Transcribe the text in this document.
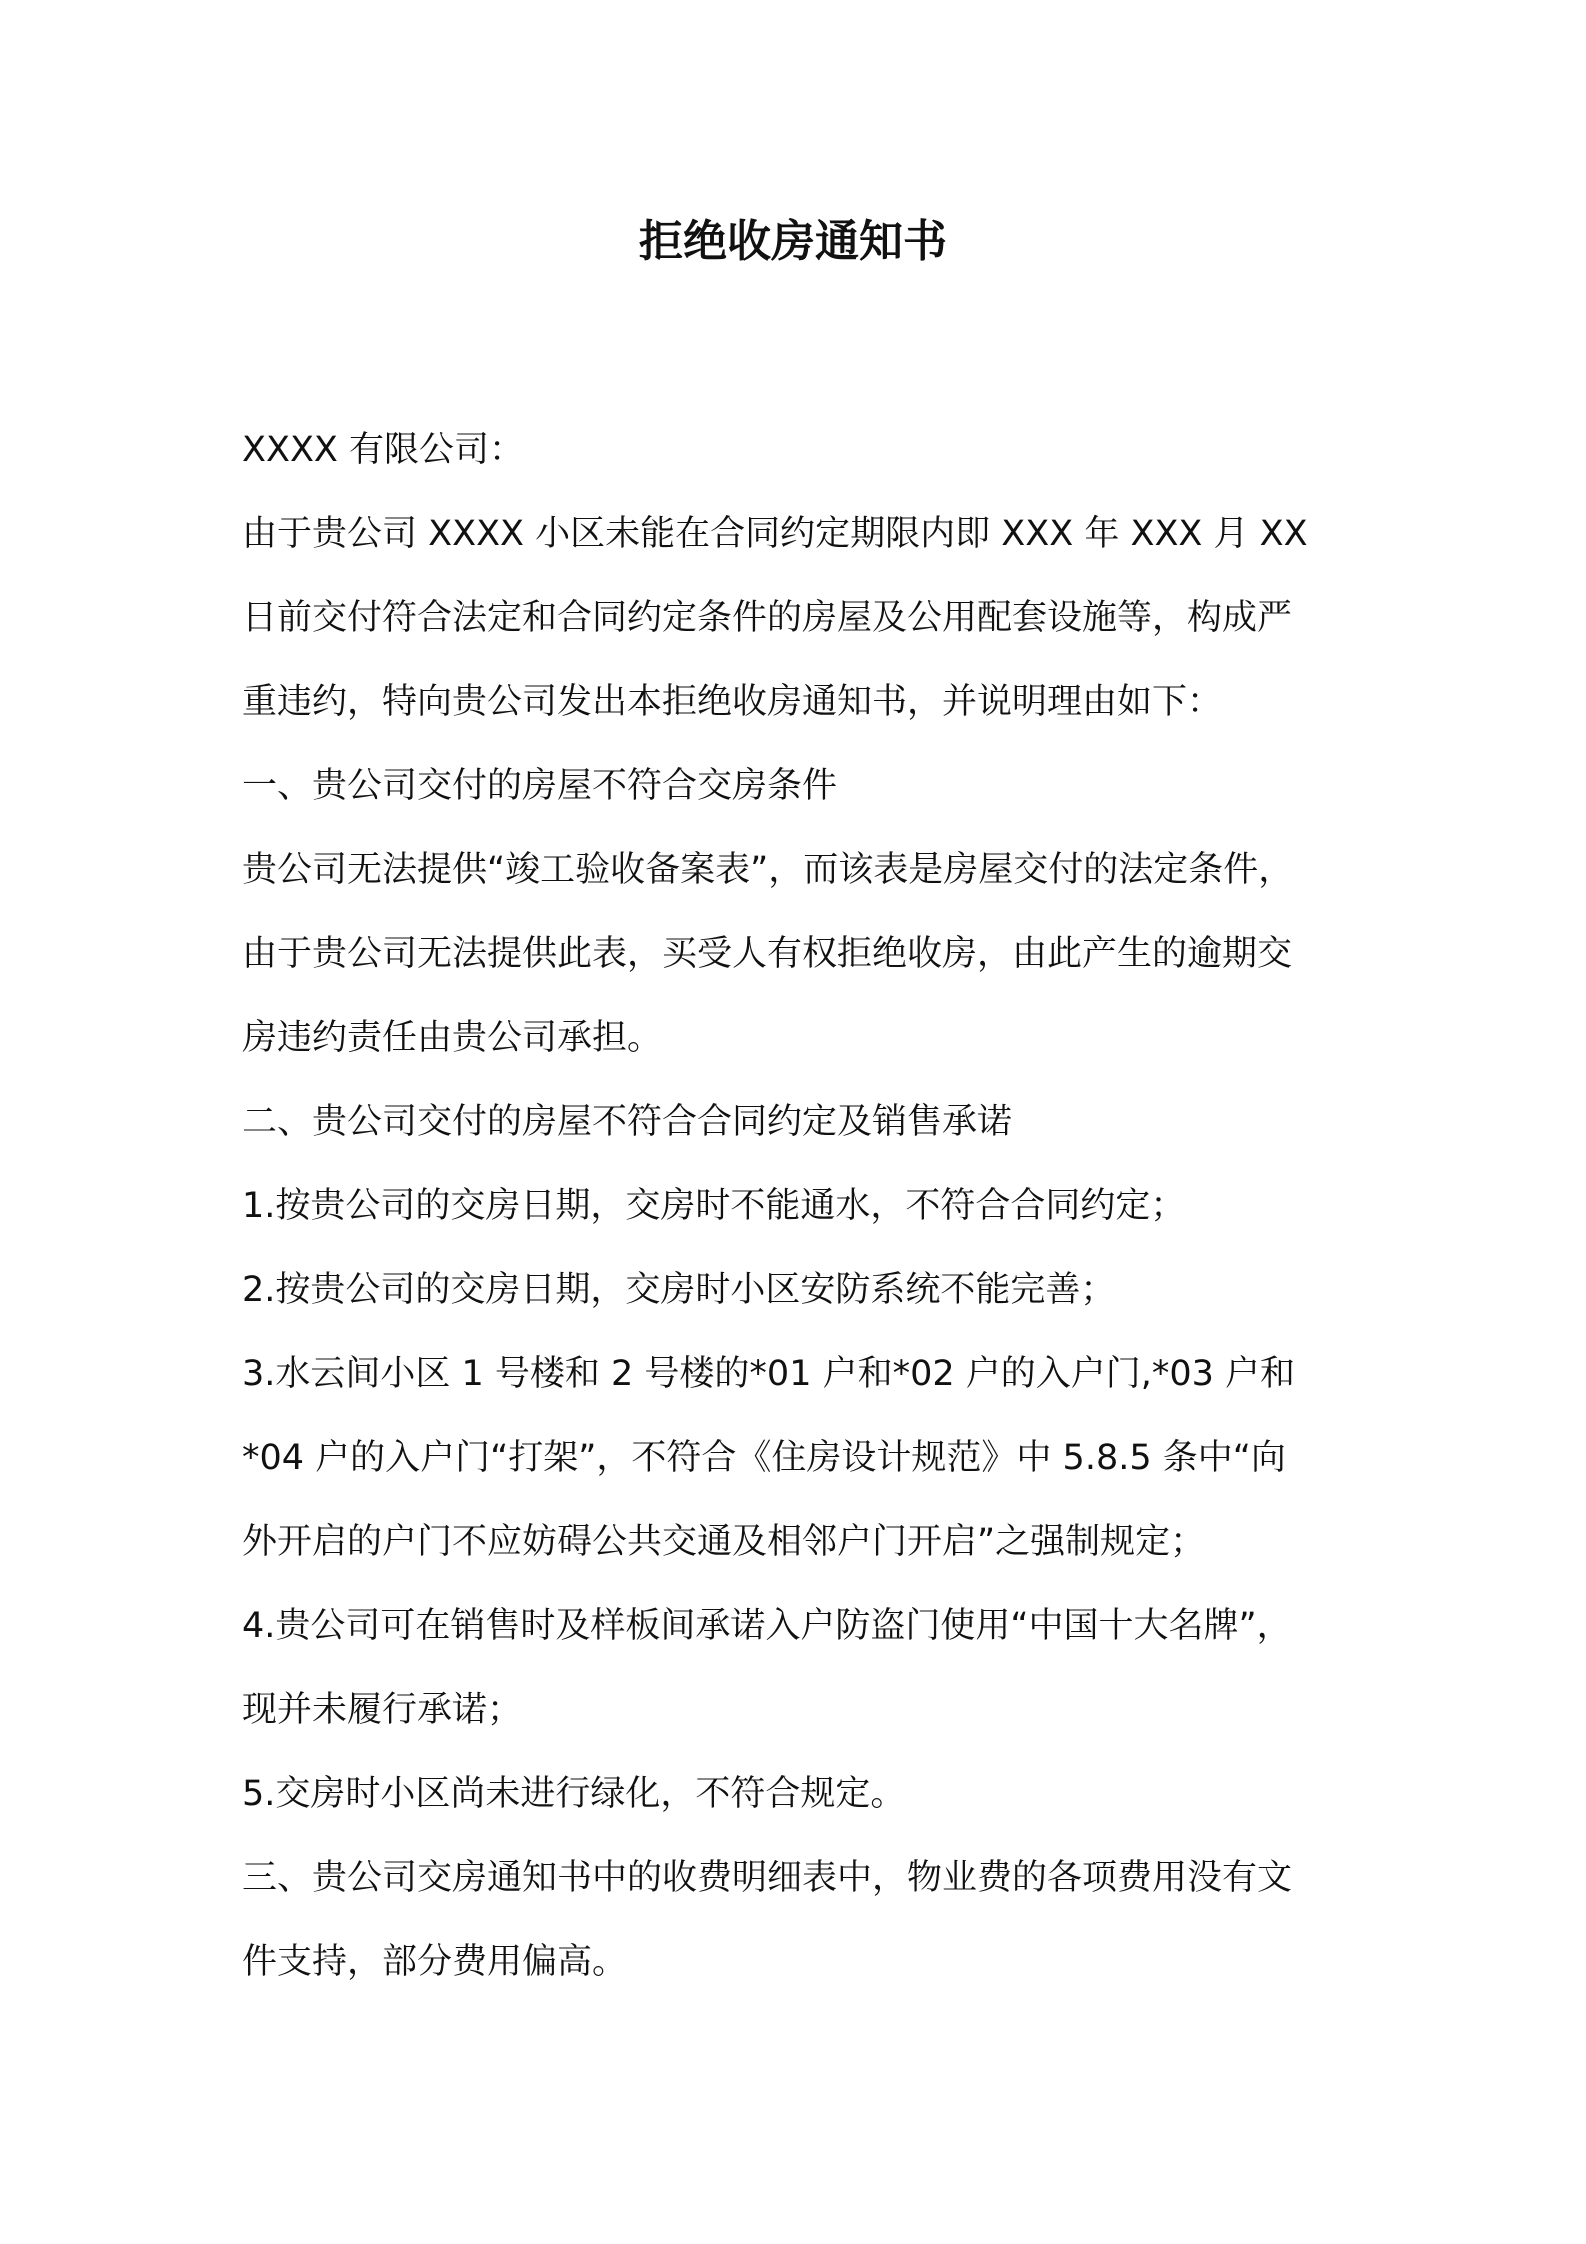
拒绝收房通知书

XXXX 有限公司：

由于贵公司 XXXX 小区未能在合同约定期限内即 XXX 年 XXX 月 XX

日前交付符合法定和合同约定条件的房屋及公用配套设施等，构成严

重违约，特向贵公司发出本拒绝收房通知书，并说明理由如下：

一、贵公司交付的房屋不符合交房条件

贵公司无法提供“竣工验收备案表”，而该表是房屋交付的法定条件，

由于贵公司无法提供此表，买受人有权拒绝收房，由此产生的逾期交

房违约责任由贵公司承担。

二、贵公司交付的房屋不符合合同约定及销售承诺

1.按贵公司的交房日期，交房时不能通水，不符合合同约定；

2.按贵公司的交房日期，交房时小区安防系统不能完善；

3.水云间小区 1 号楼和 2 号楼的*01 户和*02 户的入户门,*03 户和

*04 户的入户门“打架”，不符合《住房设计规范》中 5.8.5 条中“向

外开启的户门不应妨碍公共交通及相邻户门开启”之强制规定；

4.贵公司可在销售时及样板间承诺入户防盗门使用“中国十大名牌”，

现并未履行承诺；

5.交房时小区尚未进行绿化，不符合规定。

三、贵公司交房通知书中的收费明细表中，物业费的各项费用没有文

件支持，部分费用偏高。
